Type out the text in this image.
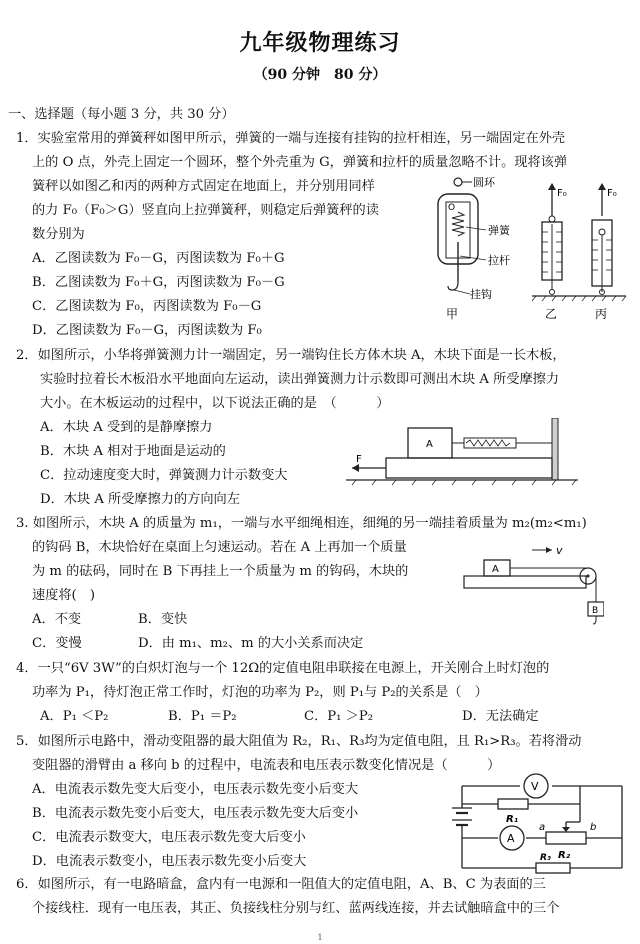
九年级物理练习
（90 分钟　80 分）
一、选择题（每小题 3 分，共 30 分）
1．实验室常用的弹簧秤如图甲所示，弹簧的一端与连接有挂钩的拉杆相连，另一端固定在外壳
上的 O 点，外壳上固定一个圆环，整个外壳重为 G，弹簧和拉杆的质量忽略不计。现将该弹
簧秤以如图乙和丙的两种方式固定在地面上，并分别用同样
的力 F₀（F₀＞G）竖直向上拉弹簧秤，则稳定后弹簧秤的读
数分别为
A．乙图读数为 F₀－G，丙图读数为 F₀＋G
B．乙图读数为 F₀＋G，丙图读数为 F₀－G
C．乙图读数为 F₀，丙图读数为 F₀－G
D．乙图读数为 F₀－G，丙图读数为 F₀
圆环
O
弹簧
拉杆
挂钩
甲
F₀	F₀
乙	丙
2．如图所示，小华将弹簧测力计一端固定，另一端钩住长方体木块 A，木块下面是一长木板，
实验时拉着长木板沿水平地面向左运动，读出弹簧测力计示数即可测出木块 A 所受摩擦力
大小。在木板运动的过程中，以下说法正确的是　（　　　）
A．木块 A 受到的是静摩擦力
B．木块 A 相对于地面是运动的
C．拉动速度变大时，弹簧测力计示数变大
D．木块 A 所受摩擦力的方向向左
A
F
3. 如图所示，木块 A 的质量为 m₁，一端与水平细绳相连，细绳的另一端挂着质量为 m₂(m₂<m₁)
的钩码 B，木块恰好在桌面上匀速运动。若在 A 上再加一个质量
为 m 的砝码，同时在 B 下再挂上一个质量为 m 的钩码，木块的
速度将(　)
A．不变	B．变快
C．变慢	D．由 m₁、m₂、m 的大小关系而决定
v
A
B
4．一只“6V 3W”的白炽灯泡与一个 12Ω的定值电阻串联接在电源上，开关刚合上时灯泡的
功率为 P₁，待灯泡正常工作时，灯泡的功率为 P₂，则 P₁与 P₂的关系是（　）
A．P₁ ＜P₂	B．P₁ ＝P₂	C．P₁ ＞P₂	D．无法确定
5．如图所示电路中，滑动变阻器的最大阻值为 R₂，R₁、R₃均为定值电阻，且 R₁>R₃。若将滑动
变阻器的滑臂由 a 移向 b 的过程中，电流表和电压表示数变化情况是（　　　）
A．电流表示数先变大后变小，电压表示数先变小后变大
B．电流表示数先变小后变大，电压表示数先变大后变小
C．电流表示数变大，电压表示数先变大后变小
D．电流表示数变小，电压表示数先变小后变大
V
A
R₁
R₂
R₃
a	b
6．如图所示，有一电路暗盒，盒内有一电源和一阻值大的定值电阻，A、B、C 为表面的三
个接线柱．现有一电压表，其正、负接线柱分别与红、蓝两线连接，并去试触暗盒中的三个
1
